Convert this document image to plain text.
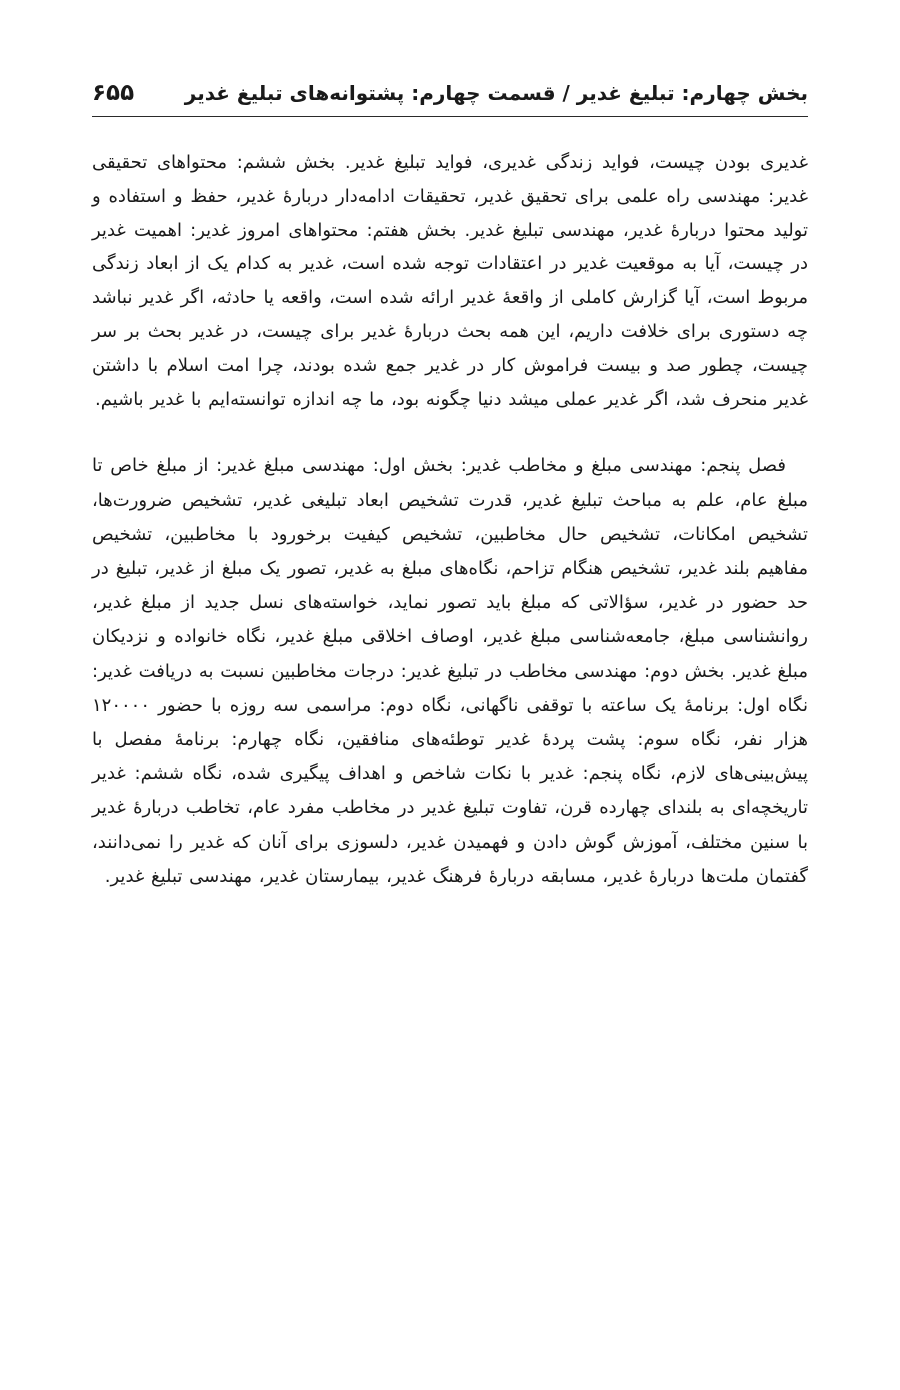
بخش چهارم: تبلیغ غدیر / قسمت چهارم: پشتوانه‌های تبلیغ غدیر
۶۵۵

غدیری بودن چیست، فواید زندگی غدیری، فواید تبلیغ غدیر. بخش ششم: محتواهای تحقیقی غدیر: مهندسی راه علمی برای تحقیق غدیر، تحقیقات ادامه‌دار دربارهٔ غدیر، حفظ و استفاده و تولید محتوا دربارهٔ غدیر، مهندسی تبلیغ غدیر. بخش هفتم: محتواهای امروز غدیر: اهمیت غدیر در چیست، آیا به موقعیت غدیر در اعتقادات توجه شده است، غدیر به کدام یک از ابعاد زندگی مربوط است، آیا گزارش کاملی از واقعهٔ غدیر ارائه شده است، واقعه یا حادثه، اگر غدیر نباشد چه دستوری برای خلافت داریم، این همه بحث دربارهٔ غدیر برای چیست، در غدیر بحث بر سر چیست، چطور صد و بیست فراموش کار در غدیر جمع شده بودند، چرا امت اسلام با داشتن غدیر منحرف شد، اگر غدیر عملی میشد دنیا چگونه بود، ما چه اندازه توانسته‌ایم با غدیر باشیم.

فصل پنجم: مهندسی مبلغ و مخاطب غدیر: بخش اول: مهندسی مبلغ غدیر: از مبلغ خاص تا مبلغ عام، علم به مباحث تبلیغ غدیر، قدرت تشخیص ابعاد تبلیغی غدیر، تشخیص ضرورت‌ها، تشخیص امکانات، تشخیص حال مخاطبین، تشخیص کیفیت برخورود با مخاطبین، تشخیص مفاهیم بلند غدیر، تشخیص هنگام تزاحم، نگاه‌های مبلغ به غدیر، تصور یک مبلغ از غدیر، تبلیغ در حد حضور در غدیر، سؤالاتی که مبلغ باید تصور نماید، خواسته‌های نسل جدید از مبلغ غدیر، روانشناسی مبلغ، جامعه‌شناسی مبلغ غدیر، اوصاف اخلاقی مبلغ غدیر، نگاه خانواده و نزدیکان مبلغ غدیر. بخش دوم: مهندسی مخاطب در تبلیغ غدیر: درجات مخاطبین نسبت به دریافت غدیر: نگاه اول: برنامهٔ یک ساعته با توقفی ناگهانی، نگاه دوم: مراسمی سه روزه با حضور ۱۲۰۰۰۰ هزار نفر، نگاه سوم: پشت پردهٔ غدیر توطئه‌های منافقین، نگاه چهارم: برنامهٔ مفصل با پیش‌بینی‌های لازم، نگاه پنجم: غدیر با نکات شاخص و اهداف پیگیری شده، نگاه ششم: غدیر تاریخچه‌ای به بلندای چهارده قرن، تفاوت تبلیغ غدیر در مخاطب مفرد عام، تخاطب دربارهٔ غدیر با سنین مختلف، آموزش گوش دادن و فهمیدن غدیر، دلسوزی برای آنان که غدیر را نمی‌دانند، گفتمان ملت‌ها دربارهٔ غدیر، مسابقه دربارهٔ فرهنگ غدیر، بیمارستان غدیر، مهندسی تبلیغ غدیر.
